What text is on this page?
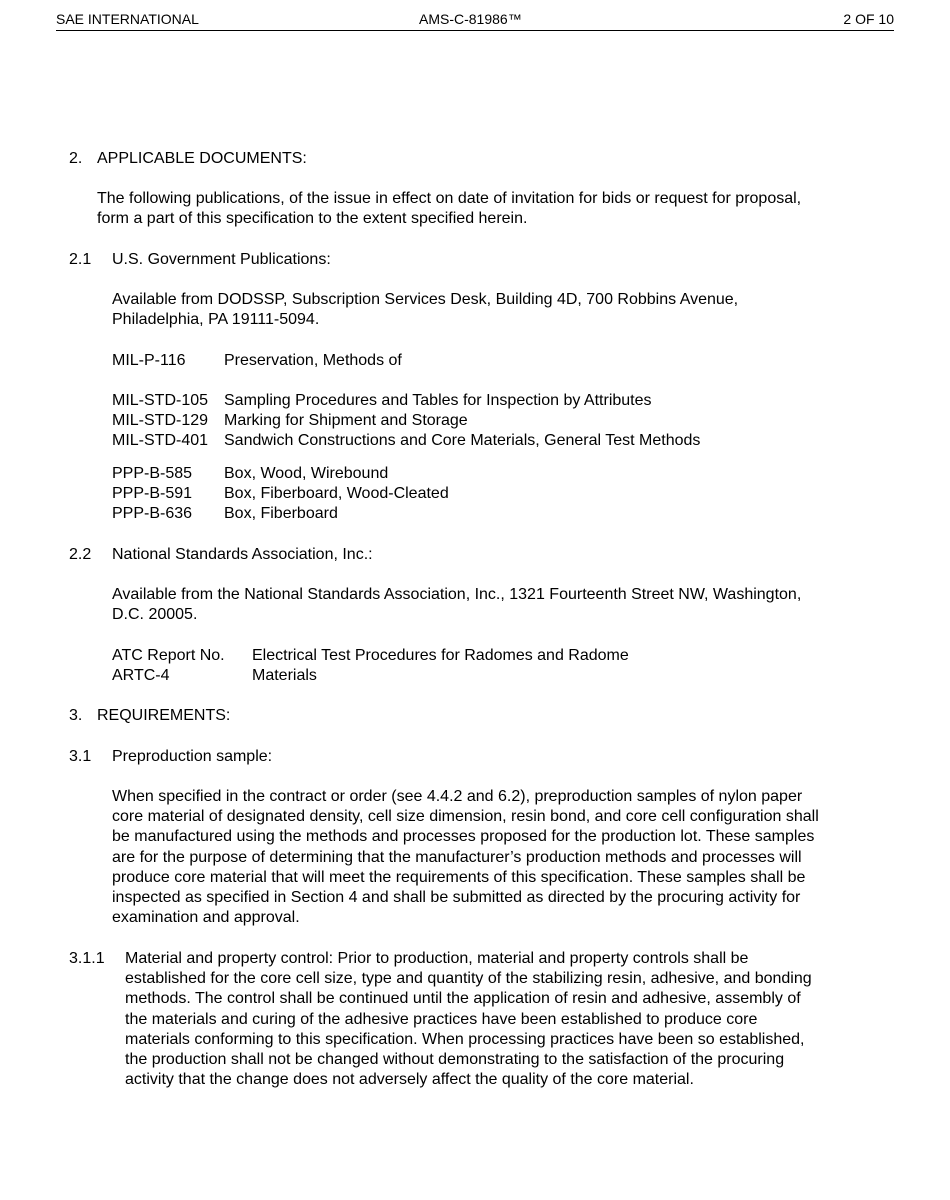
SAE INTERNATIONAL	AMS-C-81986™	2 OF 10
2. APPLICABLE DOCUMENTS:
The following publications, of the issue in effect on date of invitation for bids or request for proposal,
form a part of this specification to the extent specified herein.
2.1 U.S. Government Publications:
Available from DODSSP, Subscription Services Desk, Building 4D, 700 Robbins Avenue,
Philadelphia, PA 19111-5094.
MIL-P-116 Preservation, Methods of
MIL-STD-105 Sampling Procedures and Tables for Inspection by Attributes
MIL-STD-129 Marking for Shipment and Storage
MIL-STD-401 Sandwich Constructions and Core Materials, General Test Methods
PPP-B-585 Box, Wood, Wirebound
PPP-B-591 Box, Fiberboard, Wood-Cleated
PPP-B-636 Box, Fiberboard
2.2 National Standards Association, Inc.:
Available from the National Standards Association, Inc., 1321 Fourteenth Street NW, Washington,
D.C. 20005.
ATC Report No. Electrical Test Procedures for Radomes and Radome
ARTC-4	Materials
3. REQUIREMENTS:
3.1 Preproduction sample:
When specified in the contract or order (see 4.4.2 and 6.2), preproduction samples of nylon paper
core material of designated density, cell size dimension, resin bond, and core cell configuration shall
be manufactured using the methods and processes proposed for the production lot. These samples
are for the purpose of determining that the manufacturer’s production methods and processes will
produce core material that will meet the requirements of this specification. These samples shall be
inspected as specified in Section 4 and shall be submitted as directed by the procuring activity for
examination and approval.
3.1.1 Material and property control: Prior to production, material and property controls shall be
established for the core cell size, type and quantity of the stabilizing resin, adhesive, and bonding
methods. The control shall be continued until the application of resin and adhesive, assembly of
the materials and curing of the adhesive practices have been established to produce core
materials conforming to this specification. When processing practices have been so established,
the production shall not be changed without demonstrating to the satisfaction of the procuring
activity that the change does not adversely affect the quality of the core material.
